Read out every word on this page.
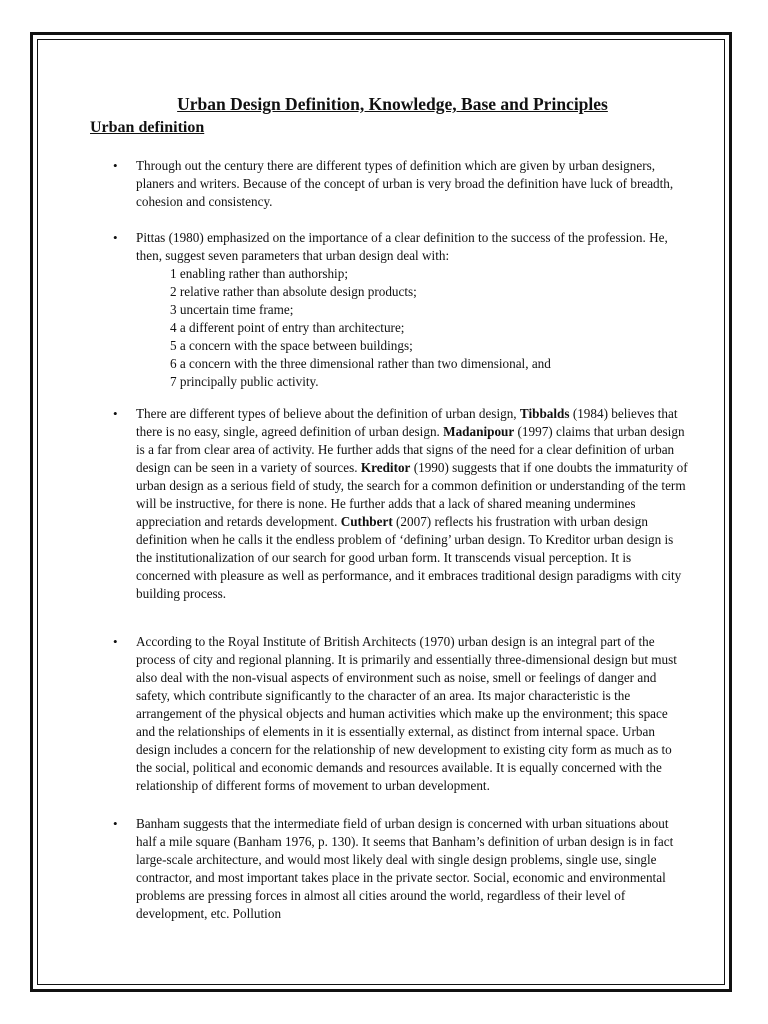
Urban Design Definition, Knowledge, Base and Principles
Urban definition
• Through out the century there are different types of definition which are given by urban designers, planers and writers. Because of the concept of urban is very broad the definition have luck of breadth, cohesion and consistency.

• Pittas (1980) emphasized on the importance of a clear definition to the success of the profession. He, then, suggest seven parameters that urban design deal with:

1 enabling rather than authorship;
2 relative rather than absolute design products;
3 uncertain time frame;
4 a different point of entry than architecture;
5 a concern with the space between buildings;
6 a concern with the three dimensional rather than two dimensional, and
7 principally public activity.
• There are different types of believe about the definition of urban design, Tibbalds (1984) believes that there is no easy, single, agreed definition of urban design. Madanipour (1997) claims that urban design is a far from clear area of activity. He further adds that signs of the need for a clear definition of urban design can be seen in a variety of sources. Kreditor (1990) suggests that if one doubts the immaturity of urban design as a serious field of study, the search for a common definition or understanding of the term will be instructive, for there is none. He further adds that a lack of shared meaning undermines appreciation and retards development. Cuthbert (2007) reflects his frustration with urban design definition when he calls it the endless problem of ‘defining’ urban design. To Kreditor urban design is the institutionalization of our search for good urban form. It transcends visual perception. It is concerned with pleasure as well as performance, and it embraces traditional design paradigms with city building process.

• According to the Royal Institute of British Architects (1970) urban design is an integral part of the process of city and regional planning. It is primarily and essentially three-dimensional design but must also deal with the non-visual aspects of environment such as noise, smell or feelings of danger and safety, which contribute significantly to the character of an area. Its major characteristic is the arrangement of the physical objects and human activities which make up the environment; this space and the relationships of elements in it is essentially external, as distinct from internal space. Urban design includes a concern for the relationship of new development to existing city form as much as to the social, political and economic demands and resources available. It is equally concerned with the relationship of different forms of movement to urban development.

• Banham suggests that the intermediate field of urban design is concerned with urban situations about half a mile square (Banham 1976, p. 130). It seems that Banham’s definition of urban design is in fact large-scale architecture, and would most likely deal with single design problems, single use, single contractor, and most important takes place in the private sector. Social, economic and environmental problems are pressing forces in almost all cities around the world, regardless of their level of development, etc. Pollution
